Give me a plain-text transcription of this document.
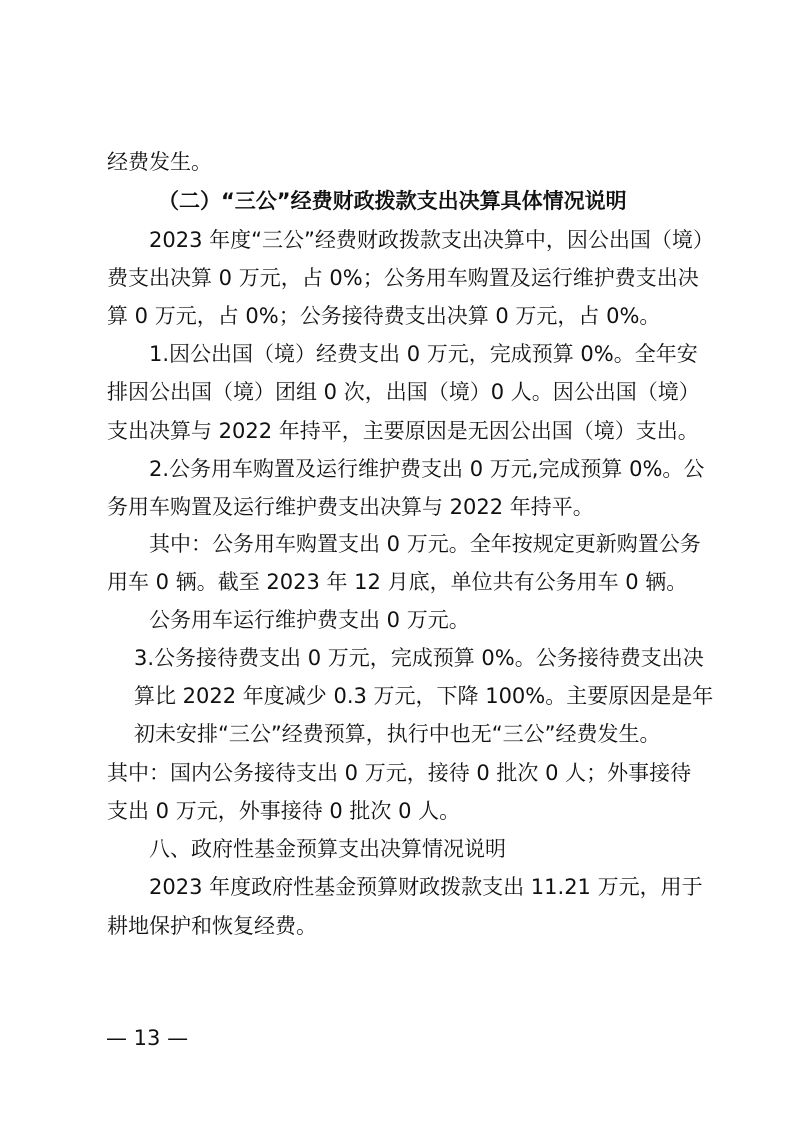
经费发生。
（二）“三公”经费财政拨款支出决算具体情况说明
2023 年度“三公”经费财政拨款支出决算中，因公出国（境）
费支出决算 0 万元，占 0%；公务用车购置及运行维护费支出决
算 0 万元，占 0%；公务接待费支出决算 0 万元，占 0%。
1.因公出国（境）经费支出 0 万元，完成预算 0%。全年安
排因公出国（境）团组 0 次，出国（境）0 人。因公出国（境）
支出决算与 2022 年持平，主要原因是无因公出国（境）支出。
2.公务用车购置及运行维护费支出 0 万元,完成预算 0%。公
务用车购置及运行维护费支出决算与 2022 年持平。
其中：公务用车购置支出 0 万元。全年按规定更新购置公务
用车 0 辆。截至 2023 年 12 月底，单位共有公务用车 0 辆。
公务用车运行维护费支出 0 万元。
3.公务接待费支出 0 万元，完成预算 0%。公务接待费支出决
算比 2022 年度减少 0.3 万元，下降 100%。主要原因是是年
初未安排“三公”经费预算，执行中也无“三公”经费发生。
其中：国内公务接待支出 0 万元，接待 0 批次 0 人；外事接待
支出 0 万元，外事接待 0 批次 0 人。
八、政府性基金预算支出决算情况说明
2023 年度政府性基金预算财政拨款支出 11.21 万元，用于
耕地保护和恢复经费。
— 13 —
